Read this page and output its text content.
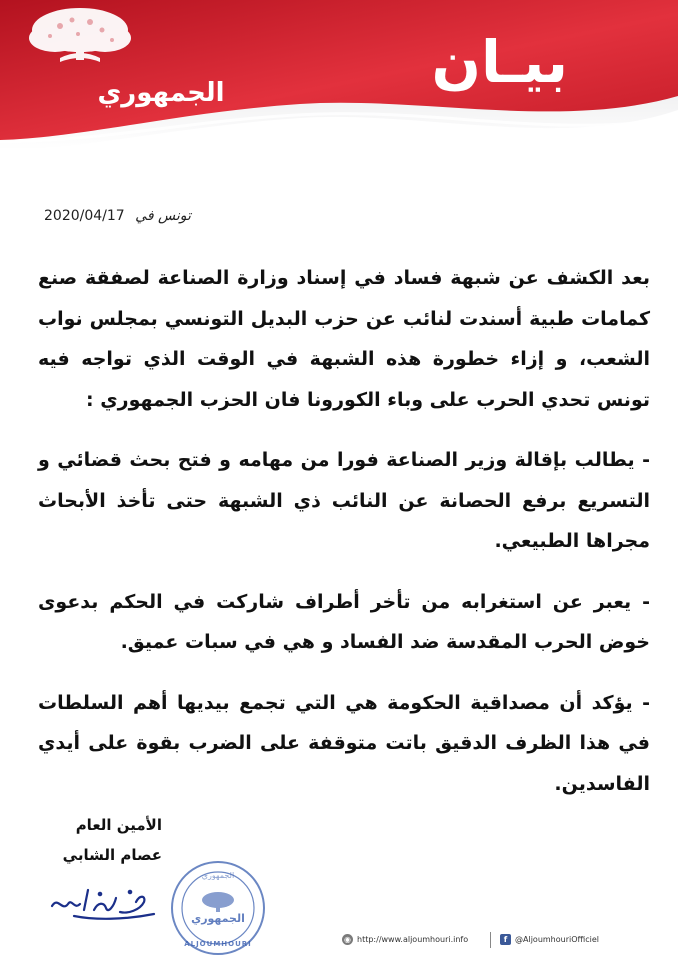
الجمهوري	بيـان
تونس في 2020/04/17

بعد الكشف عن شبهة فساد في إسناد وزارة الصناعة لصفقة صنع كمامات طبية أسندت لنائب عن حزب البديل التونسي بمجلس نواب الشعب، و إزاء خطورة هذه الشبهة في الوقت الذي تواجه فيه تونس تحدي الحرب على وباء الكورونا فان الحزب الجمهوري :

- يطالب بإقالة وزير الصناعة فورا من مهامه و فتح بحث قضائي و التسريع برفع الحصانة عن النائب ذي الشبهة حتى تأخذ الأبحاث مجراها الطبيعي.

- يعبر عن استغرابه من تأخر أطراف شاركت في الحكم بدعوى خوض الحرب المقدسة ضد الفساد و هي في سبات عميق.

- يؤكد أن مصداقية الحكومة هي التي تجمع بيديها أهم السلطات في هذا الظرف الدقيق باتت متوقفة على الضرب بقوة على أيدي الفاسدين.

الأمين العام
عصام الشابي
الجمهوري
ALJOUMHOURI
الجمهوري
◉ http://www.aljoumhouri.info	f @AljoumhouriOfficiel
